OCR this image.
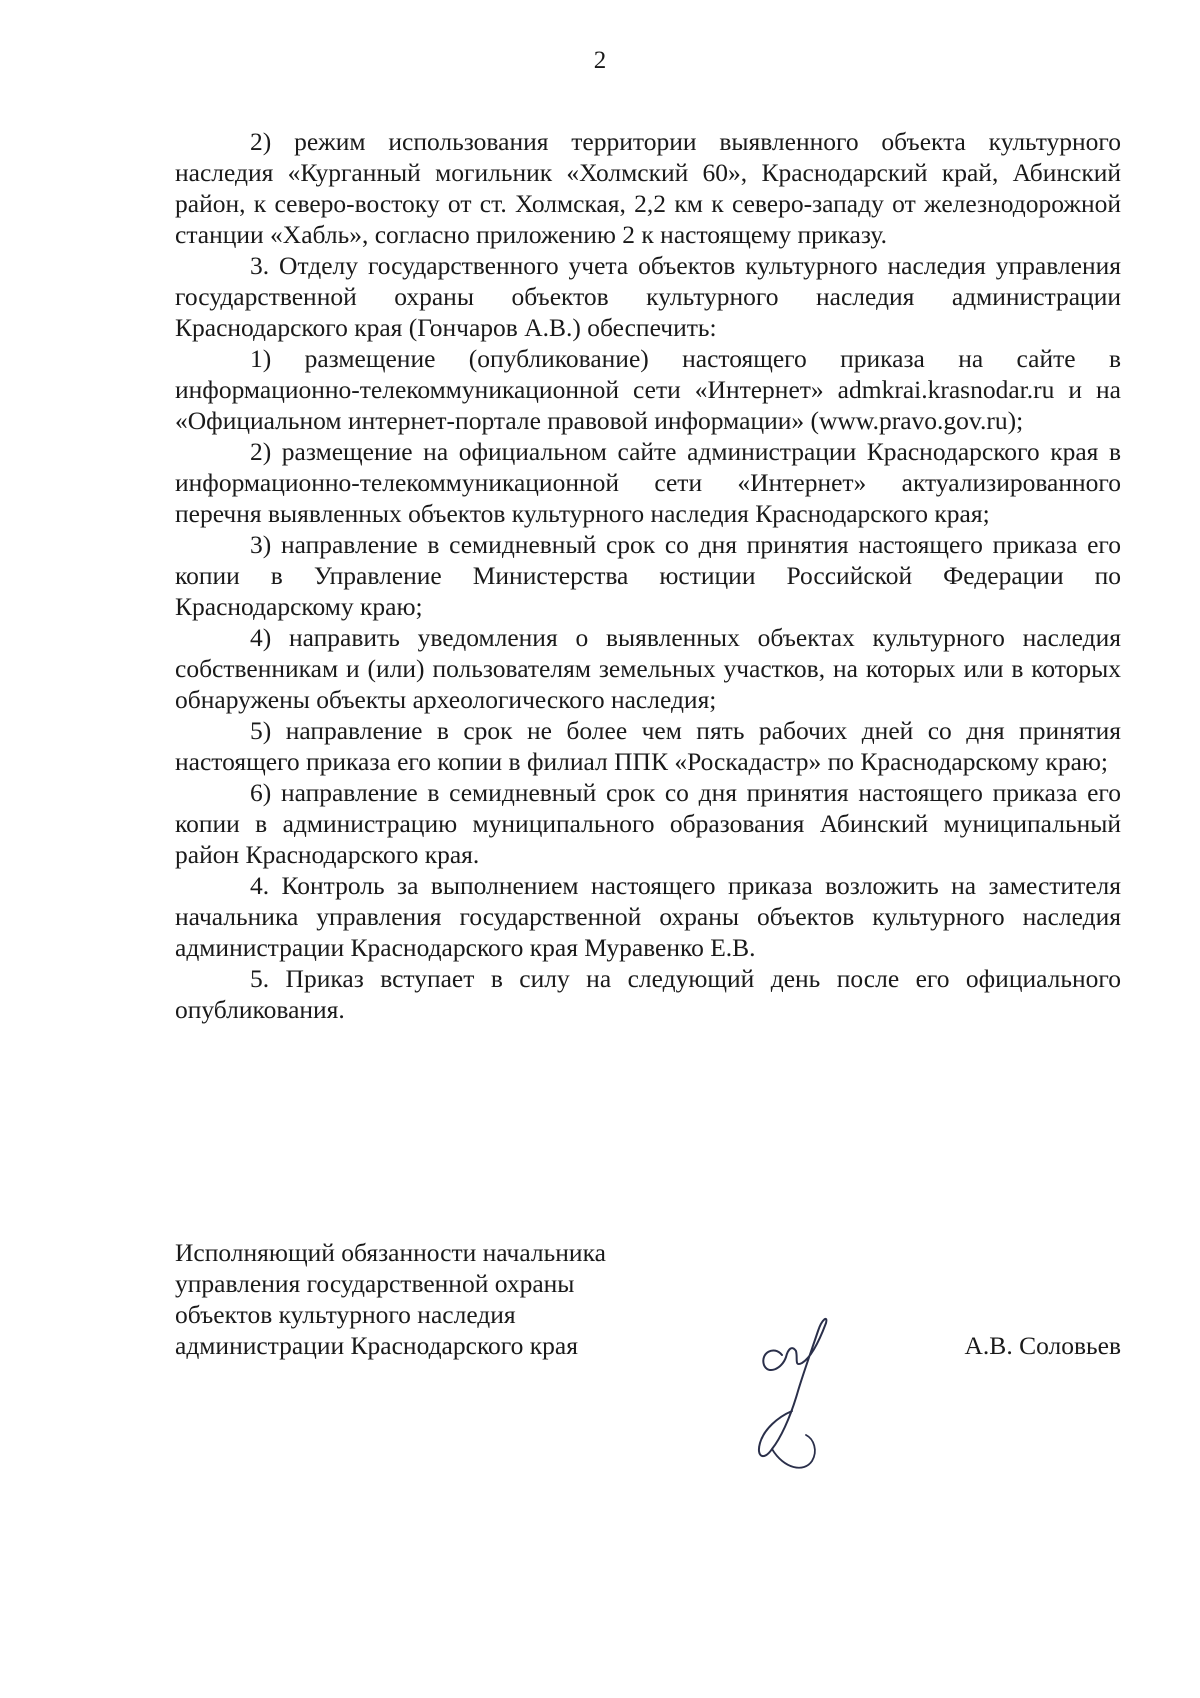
2

2) режим использования территории выявленного объекта культурного наследия «Курганный могильник «Холмский 60», Краснодарский край, Абинский район, к северо-востоку от ст. Холмская, 2,2 км к северо-западу от железнодорожной станции «Хабль», согласно приложению 2 к настоящему приказу.

3. Отделу государственного учета объектов культурного наследия управления государственной охраны объектов культурного наследия администрации Краснодарского края (Гончаров А.В.) обеспечить:

1) размещение (опубликование) настоящего приказа на сайте в информационно-телекоммуникационной сети «Интернет» admkrai.krasnodar.ru и на «Официальном интернет-портале правовой информации» (www.pravo.gov.ru);

2) размещение на официальном сайте администрации Краснодарского края в информационно-телекоммуникационной сети «Интернет» актуализированного перечня выявленных объектов культурного наследия Краснодарского края;

3) направление в семидневный срок со дня принятия настоящего приказа его копии в Управление Министерства юстиции Российской Федерации по Краснодарскому краю;

4) направить уведомления о выявленных объектах культурного наследия собственникам и (или) пользователям земельных участков, на которых или в которых обнаружены объекты археологического наследия;

5) направление в срок не более чем пять рабочих дней со дня принятия настоящего приказа его копии в филиал ППК «Роскадастр» по Краснодарскому краю;

6) направление в семидневный срок со дня принятия настоящего приказа его копии в администрацию муниципального образования Абинский муниципальный район Краснодарского края.

4. Контроль за выполнением настоящего приказа возложить на заместителя начальника управления государственной охраны объектов культурного наследия администрации Краснодарского края Муравенко Е.В.

5. Приказ вступает в силу на следующий день после его официального опубликования.

Исполняющий обязанности начальника
управления государственной охраны
объектов культурного наследия
администрации Краснодарского края	А.В. Соловьев
